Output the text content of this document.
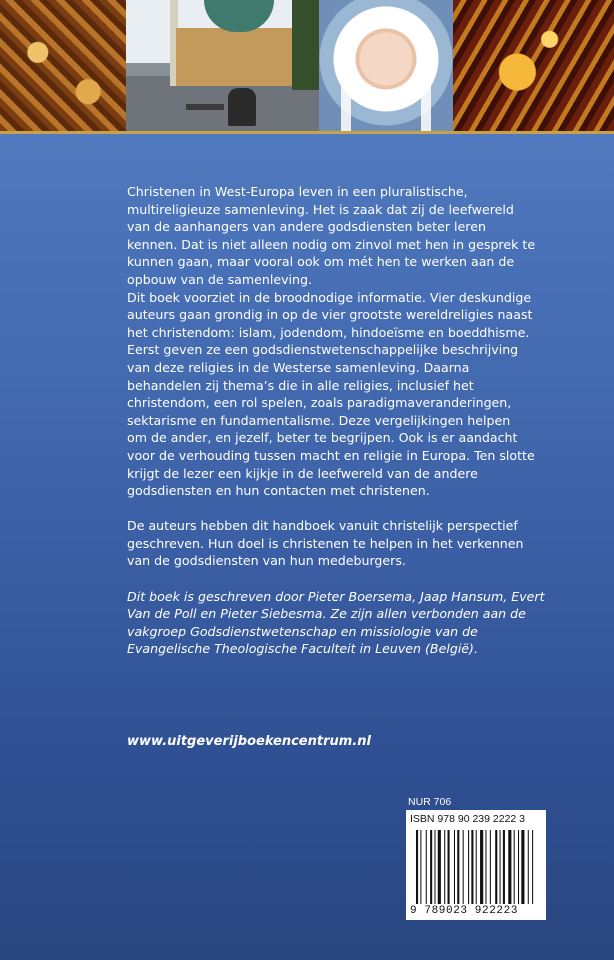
Christenen in West-Europa leven in een pluralistische,

multireligieuze samenleving. Het is zaak dat zij de leefwereld

van de aanhangers van andere godsdiensten beter leren

kennen. Dat is niet alleen nodig om zinvol met hen in gesprek te

kunnen gaan, maar vooral ook om mét hen te werken aan de

opbouw van de samenleving.

Dit boek voorziet in de broodnodige informatie. Vier deskundige

auteurs gaan grondig in op de vier grootste wereldreligies naast

het christendom: islam, jodendom, hindoeïsme en boeddhisme.

Eerst geven ze een godsdienstwetenschappelijke beschrijving

van deze religies in de Westerse samenleving. Daarna

behandelen zij thema’s die in alle religies, inclusief het

christendom, een rol spelen, zoals paradigmaveranderingen,

sektarisme en fundamentalisme. Deze vergelijkingen helpen

om de ander, en jezelf, beter te begrijpen. Ook is er aandacht

voor de verhouding tussen macht en religie in Europa. Ten slotte

krijgt de lezer een kijkje in de leefwereld van de andere

godsdiensten en hun contacten met christenen.

De auteurs hebben dit handboek vanuit christelijk perspectief

geschreven. Hun doel is christenen te helpen in het verkennen

van de godsdiensten van hun medeburgers.

Dit boek is geschreven door Pieter Boersema, Jaap Hansum, Evert

Van de Poll en Pieter Siebesma. Ze zijn allen verbonden aan de

vakgroep Godsdienstwetenschap en missiologie van de

Evangelische Theologische Faculteit in Leuven (België).

www.uitgeverijboekencentrum.nl
NUR 706
ISBN 978 90 239 2222 3
9 789023 922223
